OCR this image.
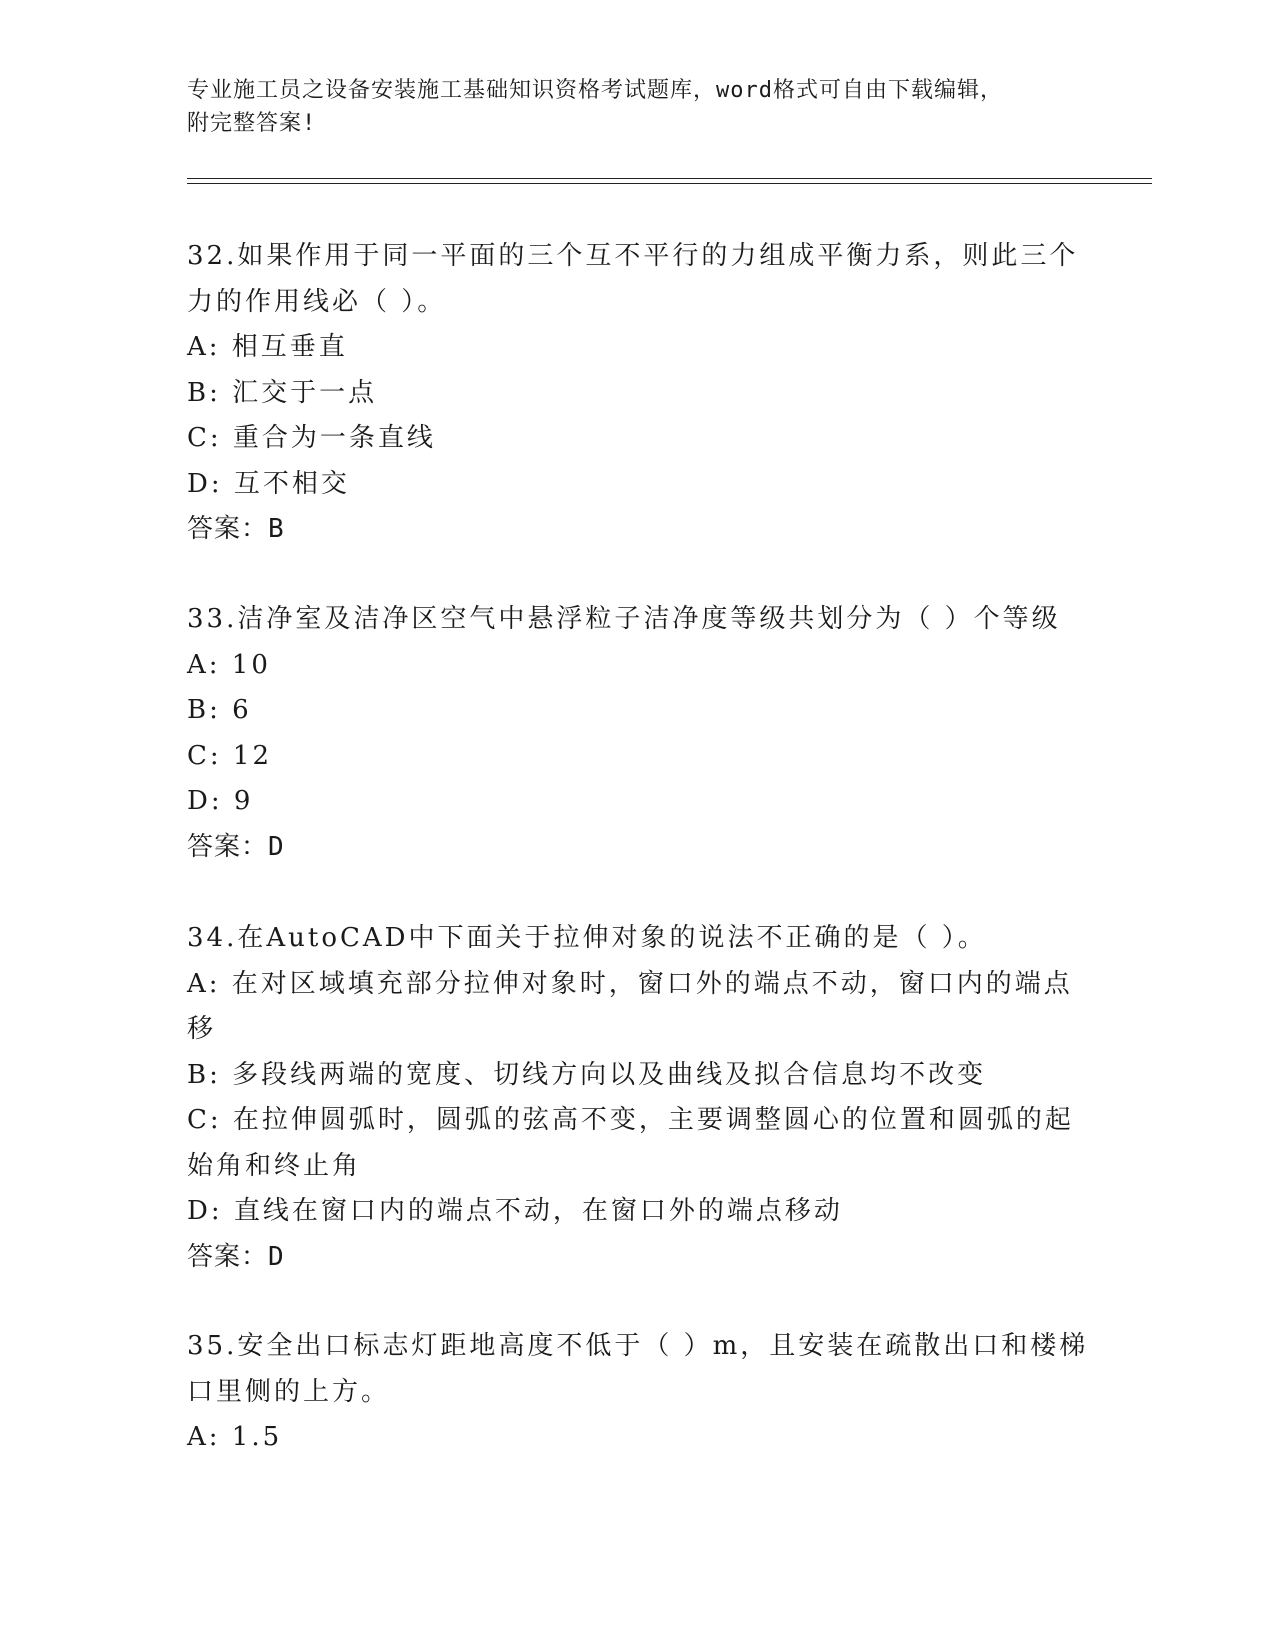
专业施工员之设备安装施工基础知识资格考试题库，word格式可自由下载编辑，
附完整答案!
32.如果作用于同一平面的三个互不平行的力组成平衡力系，则此三个
力的作用线必（ ）。
A: 相互垂直
B: 汇交于一点
C: 重合为一条直线
D: 互不相交
答案：B
33.洁净室及洁净区空气中悬浮粒子洁净度等级共划分为（ ）个等级
A: 10
B: 6
C: 12
D: 9
答案：D
34.在AutoCAD中下面关于拉伸对象的说法不正确的是（ ）。
A: 在对区域填充部分拉伸对象时，窗口外的端点不动，窗口内的端点
移
B: 多段线两端的宽度、切线方向以及曲线及拟合信息均不改变
C: 在拉伸圆弧时，圆弧的弦高不变，主要调整圆心的位置和圆弧的起
始角和终止角
D: 直线在窗口内的端点不动，在窗口外的端点移动
答案：D
35.安全出口标志灯距地高度不低于（ ）m，且安装在疏散出口和楼梯
口里侧的上方。
A: 1.5
